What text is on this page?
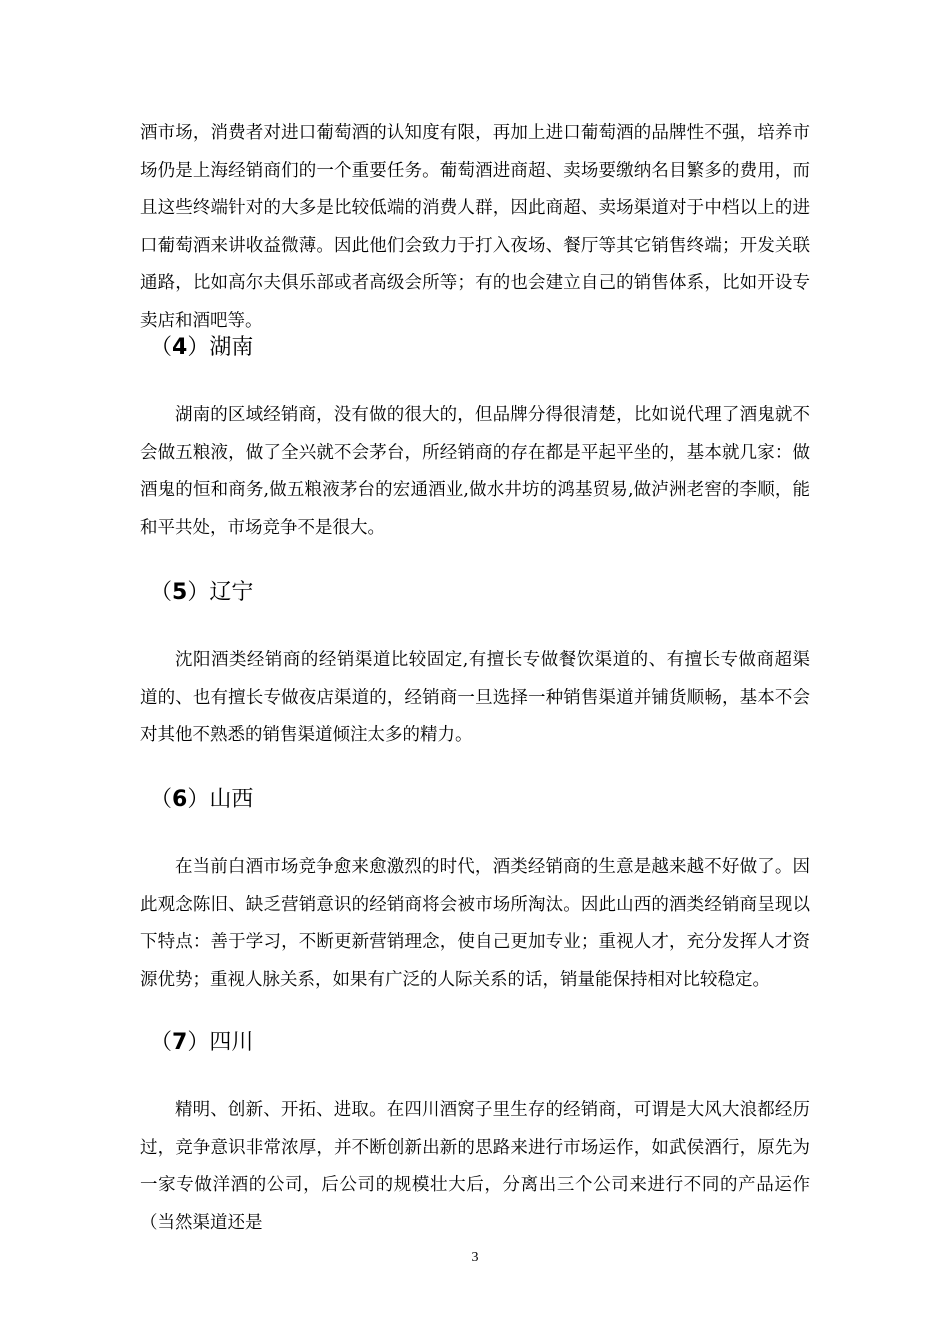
酒市场，消费者对进口葡萄酒的认知度有限，再加上进口葡萄酒的品牌性不强，培养市场仍是上海经销商们的一个重要任务。葡萄酒进商超、卖场要缴纳名目繁多的费用，而且这些终端针对的大多是比较低端的消费人群，因此商超、卖场渠道对于中档以上的进口葡萄酒来讲收益微薄。因此他们会致力于打入夜场、餐厅等其它销售终端；开发关联通路，比如高尔夫俱乐部或者高级会所等；有的也会建立自己的销售体系，比如开设专卖店和酒吧等。

（4）湖南

湖南的区域经销商，没有做的很大的，但品牌分得很清楚，比如说代理了酒鬼就不会做五粮液，做了全兴就不会茅台，所经销商的存在都是平起平坐的，基本就几家：做酒鬼的恒和商务,做五粮液茅台的宏通酒业,做水井坊的鸿基贸易,做泸洲老窖的李顺，能和平共处，市场竞争不是很大。

（5）辽宁

沈阳酒类经销商的经销渠道比较固定,有擅长专做餐饮渠道的、有擅长专做商超渠道的、也有擅长专做夜店渠道的，经销商一旦选择一种销售渠道并铺货顺畅，基本不会对其他不熟悉的销售渠道倾注太多的精力。

（6）山西

在当前白酒市场竞争愈来愈激烈的时代，酒类经销商的生意是越来越不好做了。因此观念陈旧、缺乏营销意识的经销商将会被市场所淘汰。因此山西的酒类经销商呈现以下特点：善于学习，不断更新营销理念，使自己更加专业；重视人才，充分发挥人才资源优势；重视人脉关系，如果有广泛的人际关系的话，销量能保持相对比较稳定。

（7）四川

精明、创新、开拓、进取。在四川酒窝子里生存的经销商，可谓是大风大浪都经历过，竞争意识非常浓厚，并不断创新出新的思路来进行市场运作，如武侯酒行，原先为一家专做洋酒的公司，后公司的规模壮大后，分离出三个公司来进行不同的产品运作（当然渠道还是

3
